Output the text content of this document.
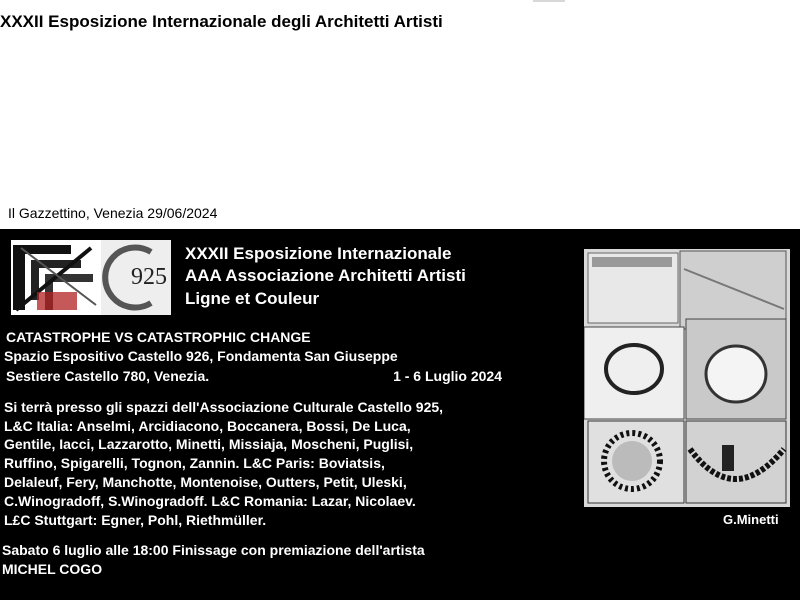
XXXII Esposizione Internazionale degli Architetti Artisti
Il Gazzettino, Venezia 29/06/2024
925
XXXII Esposizione Internazionale
AAA Associazione Architetti Artisti
Ligne et Couleur
CATASTROPHE VS CATASTROPHIC CHANGE
Spazio Espositivo Castello 926, Fondamenta San Giuseppe
Sestiere Castello 780, Venezia.	1 - 6 Luglio 2024
Si terrà presso gli spazzi dell'Associazione Culturale Castello 925,
L&C Italia: Anselmi, Arcidiacono, Boccanera, Bossi, De Luca,
Gentile, Iacci, Lazzarotto, Minetti, Missiaja, Moscheni, Puglisi,
Ruffino, Spigarelli, Tognon, Zannin. L&C Paris: Boviatsis,
Delaleuf, Fery, Manchotte, Montenoise, Outters, Petit, Uleski,
C.Winogradoff, S.Winogradoff. L&C Romania: Lazar, Nicolaev.
L£C Stuttgart: Egner, Pohl, Riethmüller.
Sabato 6 luglio alle 18:00 Finissage con premiazione dell'artista
MICHEL COGO
G.Minetti
